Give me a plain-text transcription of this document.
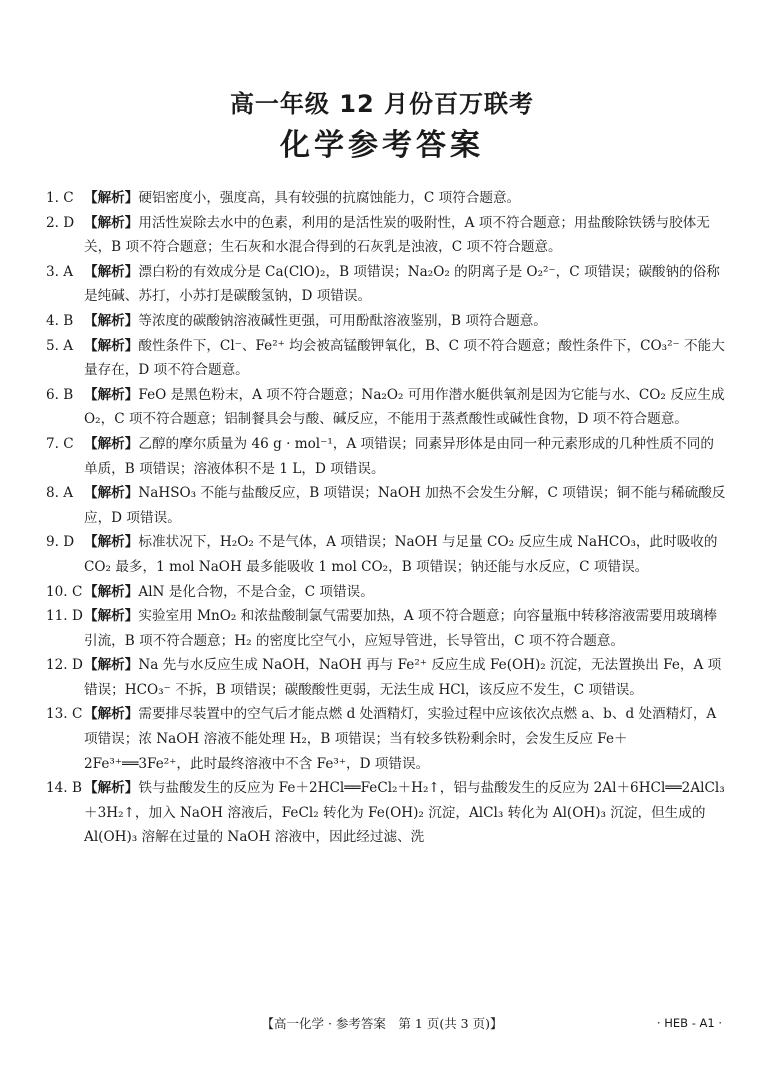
高一年级 12 月份百万联考
化学参考答案
1. C 【解析】硬铝密度小，强度高，具有较强的抗腐蚀能力，C 项符合题意。
2. D 【解析】用活性炭除去水中的色素，利用的是活性炭的吸附性，A 项不符合题意；用盐酸除铁锈与胶体无关，B 项不符合题意；生石灰和水混合得到的石灰乳是浊液，C 项不符合题意。
3. A 【解析】漂白粉的有效成分是 Ca(ClO)₂，B 项错误；Na₂O₂ 的阴离子是 O₂²⁻，C 项错误；碳酸钠的俗称是纯碱、苏打，小苏打是碳酸氢钠，D 项错误。
4. B 【解析】等浓度的碳酸钠溶液碱性更强，可用酚酞溶液鉴别，B 项符合题意。
5. A 【解析】酸性条件下，Cl⁻、Fe²⁺ 均会被高锰酸钾氧化，B、C 项不符合题意；酸性条件下，CO₃²⁻ 不能大量存在，D 项不符合题意。
6. B 【解析】FeO 是黑色粉末，A 项不符合题意；Na₂O₂ 可用作潜水艇供氧剂是因为它能与水、CO₂ 反应生成 O₂，C 项不符合题意；铝制餐具会与酸、碱反应，不能用于蒸煮酸性或碱性食物，D 项不符合题意。
7. C 【解析】乙醇的摩尔质量为 46 g · mol⁻¹，A 项错误；同素异形体是由同一种元素形成的几种性质不同的单质，B 项错误；溶液体积不是 1 L，D 项错误。
8. A 【解析】NaHSO₃ 不能与盐酸反应，B 项错误；NaOH 加热不会发生分解，C 项错误；铜不能与稀硫酸反应，D 项错误。
9. D 【解析】标准状况下，H₂O₂ 不是气体，A 项错误；NaOH 与足量 CO₂ 反应生成 NaHCO₃，此时吸收的 CO₂ 最多，1 mol NaOH 最多能吸收 1 mol CO₂，B 项错误；钠还能与水反应，C 项错误。
10. C 【解析】AlN 是化合物，不是合金，C 项错误。
11. D 【解析】实验室用 MnO₂ 和浓盐酸制氯气需要加热，A 项不符合题意；向容量瓶中转移溶液需要用玻璃棒引流，B 项不符合题意；H₂ 的密度比空气小，应短导管进，长导管出，C 项不符合题意。
12. D 【解析】Na 先与水反应生成 NaOH，NaOH 再与 Fe²⁺ 反应生成 Fe(OH)₂ 沉淀，无法置换出 Fe，A 项错误；HCO₃⁻ 不拆，B 项错误；碳酸酸性更弱，无法生成 HCl，该反应不发生，C 项错误。
13. C 【解析】需要排尽装置中的空气后才能点燃 d 处酒精灯，实验过程中应该依次点燃 a、b、d 处酒精灯，A 项错误；浓 NaOH 溶液不能处理 H₂，B 项错误；当有较多铁粉剩余时，会发生反应 Fe＋2Fe³⁺══3Fe²⁺，此时最终溶液中不含 Fe³⁺，D 项错误。
14. B 【解析】铁与盐酸发生的反应为 Fe＋2HCl══FeCl₂＋H₂↑，铝与盐酸发生的反应为 2Al＋6HCl══2AlCl₃＋3H₂↑，加入 NaOH 溶液后，FeCl₂ 转化为 Fe(OH)₂ 沉淀，AlCl₃ 转化为 Al(OH)₃ 沉淀，但生成的 Al(OH)₃ 溶解在过量的 NaOH 溶液中，因此经过滤、洗
【高一化学 · 参考答案　第 1 页(共 3 页)】	· HEB - A1 ·
